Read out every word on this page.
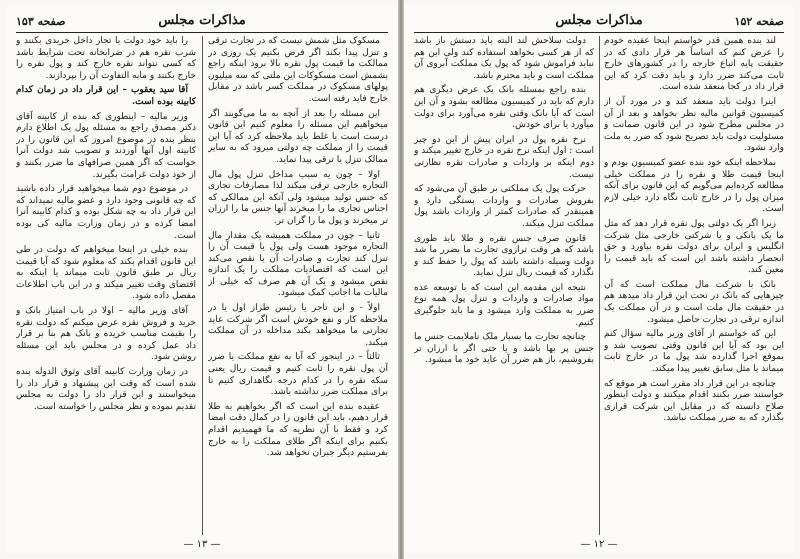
صفحه ۱۵۳	مذاکرات مجلس

مسکوک مثل شمش نیست که در تجارت ترقی و تنزل پیدا بکند اگر فرض بکنیم یک روزی در ممالکت ما قیمت پول نقره بالا برود اینکه راجع بشمش است مسکوکات این ملتی که سه میلیون پولهای مسکوک در مملکت کسر باشد در مقابل خارج فاید رفته است.

این مسئله را بعد از آنچه به ما می‌گویند اگر میخواهیم این مسئله را معلوم کنیم این قانون درست است یا غلط باید ملاحظه کرد که آیا این قیمت را از مملکت چه دولتی میرود که به سایر ممالک تنزل یا ترقی پیدا نماید.

اولا – چون یه سبب مداخل تنزل پول مال التجاره خارجی ترقی میکند لذا مصارفات تجاری که جنس تولید میشود ولی آنکه این ممالکی که اجناس تجاری ما را میخرند آنها جنس ما را ارزان تر میخرند و پول ما را گران تر.

ثانیا – چون در مملکت همیشه یک مقدار مال التجاره موجود هست ولی پول یا قیمت آن را تنزل کند تجارت و صادرات آن یا نقص می‌کند این است که اقتصادیات مملکت را یک اندازه نقص میشود و یک آن هم صرف که خیلی از مالیات ما اجانب کمک میشود.

اولاً - و این تاجر یا رئیس طراز اول یا در ملاحظه کار و نفع خودش است اگر شرکت عاید تجارتی ما میخواهد بکند مداخله در آن مملکت میکند.

ثالثاً – در اینجور که آیا به نفع مملکت یا ضرر آن پول نقره را ثابت کنیم و قیمت ریال یعنی سکه نقره را در کدام درجه نگاهداری کنیم تا برای مملکت ضرر نداشته باشد.

عقیده بنده این است که اگر بخواهیم به طلا قرار دهیم، باید این قانون را در کمال دقت امضا کرد و فقط با آن نظریه که ما فهمیدیم اقدام بکنیم برای اینکه اگر طلای مملکت را به خارج بفرستیم دیگر جبران نخواهد شد.

را باید خود دولت یا تجار داخل خریدی بکنند و شرب نقره هم در ضرابخانه تحت شرایط باشد که کسی نتواند نقره خارج کند و پول نقره را خارج بکنند و مابه التفاوت آن را بپردازند.

آقا سید یعقوب – این قرار داد در زمان کدام کابینه بوده است.

وزیر مالیه – اینطوری که بنده از کابینه آقای دکتر مصدق راجع به مسئله پول یک اطلاع دارم بنظر بنده در موضوع امروز که این قانون را در کابینه اول آنها آوردند و تصویب شد دولت آنرا خواست که اگر همین صرافهای ما ضرر بکنند و از خود دولت غرامت بگیرند.

در موضوع دوم شما میخواهید قرار داده باشید که چه قانونی وجود دارد و عضو مالیه نمیداند که این قرار داد به چه شکل بوده و کدام کابینه آنرا امضا کرده و در زمان وزارت مالیه کی بوده است.

بنده خیلی در اینجا میخواهم که دولت در طی این قانون اقدام بکند که معلوم شود که آیا قیمت ریال بر طبق قانون ثابت میماند یا اینکه به اقتضای وقت تغییر میکند و در این باب اطلاعات مفصل داده شود.

آقای وزیر مالیه – اولا در باب امتیاز بانک و خرید و فروش نقره عرض میکنم که دولت نقره را بقیمت مناسب خریده و بانک هم بنا بر قرار داد عمل کرده و در مجلس باید این مسئله روشن شود.

در زمان وزارت کابینه آقای وثوق الدوله بنده شده است که وقت این پیشنهاد و قرار داد را میخواستند و این قرار داد را دولت به مجلس تقدیم نموده و نظر مجلس را خواسته است.

— ۱۳ —
صفحه ۱۵۲
مذاکرات مجلس

لند بنده همین قدر خواستم اینجا عقیده خودم را عرض کنم که اساساً هر قرار دادی که در حقیقت پایه اتباع خارجه را در کشورهای خارج ثابت می‌کند ضرر دارد و باید دقت کرد که این قرار داد در کجا منعقد شده است.

اینرا دولت باید منعقد کند و در مورد آن از کمیسیون قوانین مالیه نظر بخواهد و بعد از آن در مجلس مطرح شود در این قانون ضمانت و مسئولیت دولت باید تصریح شود که ضرر به ملت وارد نشود.

بملاحظه اینکه خود بنده عضو کمیسیون بودم و اینجا قیمت طلا و نقره را در مملکت خیلی مطالعه کرده‌ایم می‌گویم که این قانون برای آنکه میزان پول را در خارج ثابت نگاه دارد خیلی لازم است.

زیرا اگر یک دولتی پول نقره قرار دهد که مثل ما یک بانکی و یا شرکتی خارجی مثل شرکت انگلیس و ایران برای دولت نقره بیاورد و حق انحصار داشته باشد این است که باید قیمت را معین کند.

بانک با شرکت مال مملکت است که آن چیزهایی که بانک در تحت این قرار داد میدهد هم در حقیقت مال ملت است و در آن مملکت یک اندازه ترقی در تجارت حاصل میشود.

این که خواستم از آقای وزیر مالیه سؤال کنم این بود که آیا این قانون وقتی تصویب شد و بموقع اجرا گذارده شد پول ما در خارج ثابت میماند یا مثل سابق تغییر پیدا میکند.

چنانچه در این قرار داد مقرر است هر موقع که خواستند ضرر بکنند اقدام میکنند و دولت اینطور صلاح دانسته که در مقابل این شرکت قراری بگذارد که به ضرر مملکت نباشد.

دولت سلاحش لند البته باید دستش باز باشد که از هر کسی بخواهد استفاده کند ولی این هم نباید فراموش شود که پول یک مملکت آبروی آن مملکت است و باید محترم باشد.

بنده راجع بمسئله بانک یک عرض دیگری هم دارم که باید در کمیسیون مطالعه بشود و آن این است که آیا بانک وقتی نقره می‌آورد برای دولت میآورد یا برای خودش.

نرخ نقره پول در ایران پیش از این دو چیز است : اول اینکه نرخ نقره در خارج تغییر میکند و دوم اینکه بر واردات و صادرات نقره نظارتی نیست.

حرکت پول یک مملکتی بر طبق آن می‌شود که بفروش صادرات و واردات بستگی دارد و همینقدر که صادرات کمتر از واردات باشد پول مملکت تنزل میکند.

قانون صرف جنس نقره و طلا باید طوری باشد که هر وقت ترازوی تجارت ما بضرر ما شد دولت وسیله داشته باشد که پول را حفظ کند و نگذارد که قیمت ریال تنزل نماید.

نتیجه این مقدمه این است که با توسعه عده مواد صادرات و واردات و تنزل پول همه نوع ضرر به مملکت وارد میشود و ما باید جلوگیری کنیم.

چنانچه تجارت ما بسیار ملک ناملایمت جنس ما جنس پر بها باشد و یا حتی اگر با ارزان تر بفروشیم، باز هم ضرر آن عاید خود ما میشود.

— ۱۲ —
